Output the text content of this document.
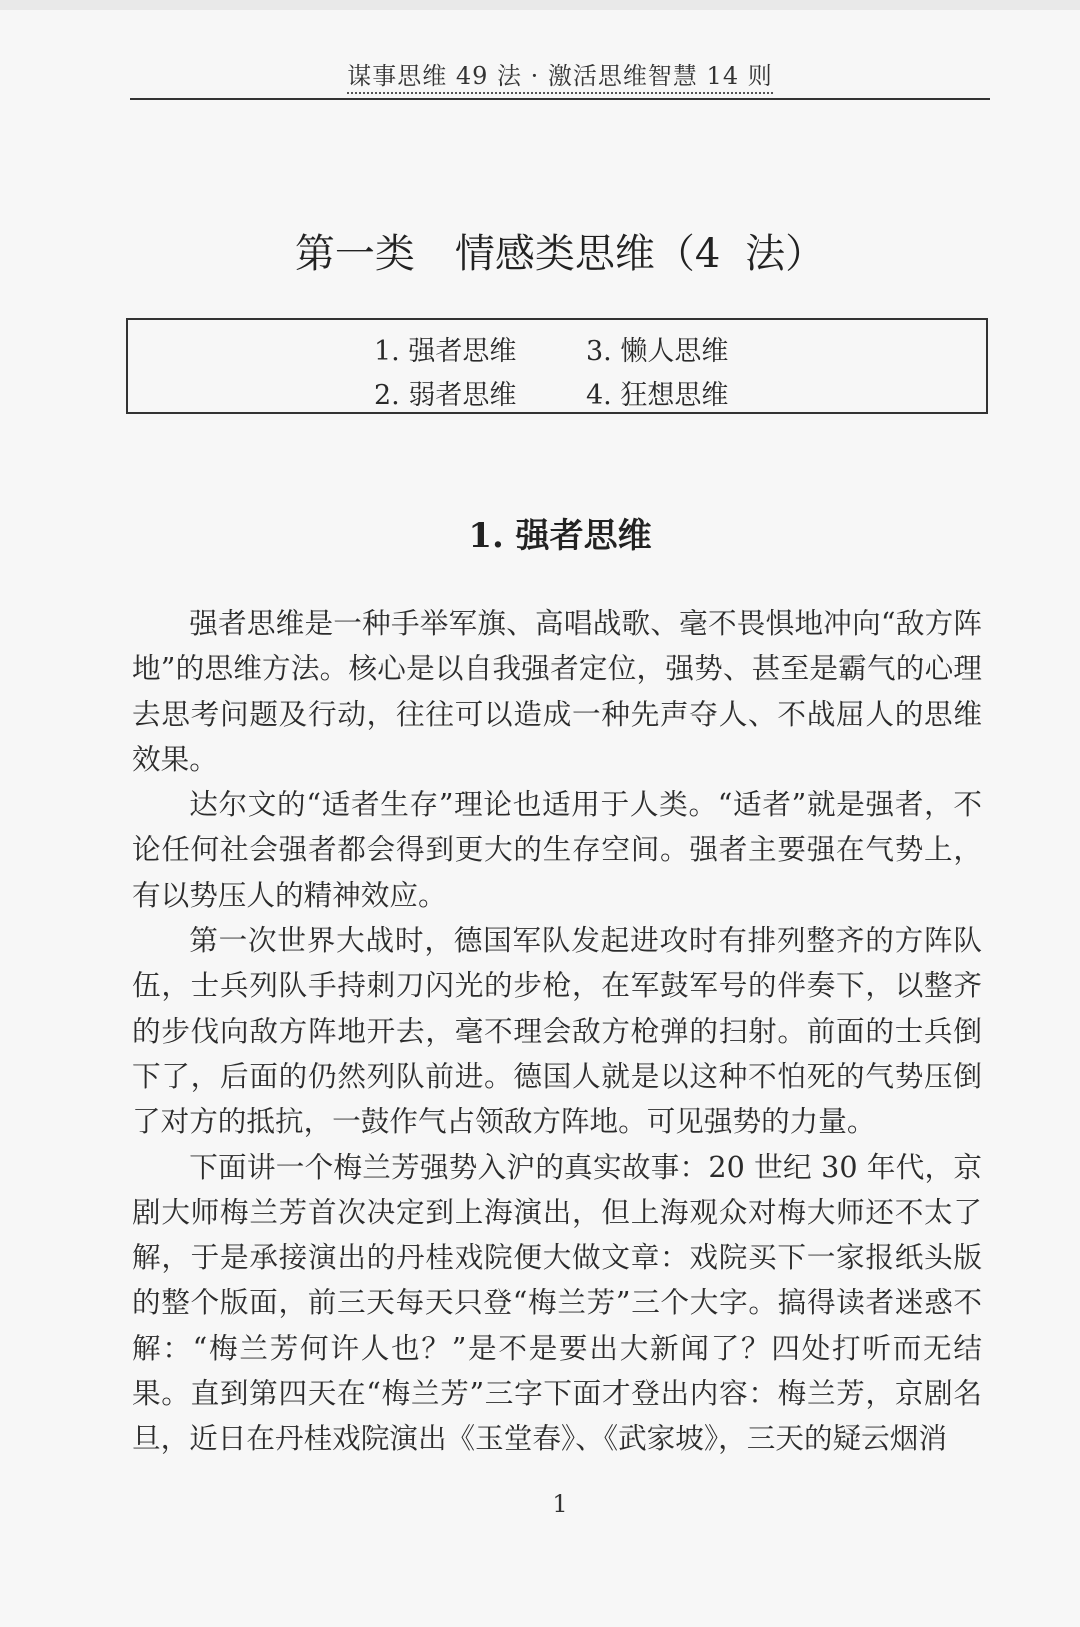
谋事思维 49 法 · 激活思维智慧 14 则
第一类　情感类思维（4 法）
1. 强者思维	3. 懒人思维
2. 弱者思维	4. 狂想思维
1. 强者思维

强者思维是一种手举军旗、高唱战歌、毫不畏惧地冲向“敌方阵地”的思维方法。核心是以自我强者定位，强势、甚至是霸气的心理去思考问题及行动，往往可以造成一种先声夺人、不战屈人的思维效果。

达尔文的“适者生存”理论也适用于人类。“适者”就是强者，不论任何社会强者都会得到更大的生存空间。强者主要强在气势上，有以势压人的精神效应。

第一次世界大战时，德国军队发起进攻时有排列整齐的方阵队伍，士兵列队手持刺刀闪光的步枪，在军鼓军号的伴奏下，以整齐的步伐向敌方阵地开去，毫不理会敌方枪弹的扫射。前面的士兵倒下了，后面的仍然列队前进。德国人就是以这种不怕死的气势压倒了对方的抵抗，一鼓作气占领敌方阵地。可见强势的力量。

下面讲一个梅兰芳强势入沪的真实故事：20 世纪 30 年代，京剧大师梅兰芳首次决定到上海演出，但上海观众对梅大师还不太了解，于是承接演出的丹桂戏院便大做文章：戏院买下一家报纸头版的整个版面，前三天每天只登“梅兰芳”三个大字。搞得读者迷惑不解：“梅兰芳何许人也？”是不是要出大新闻了？四处打听而无结果。直到第四天在“梅兰芳”三字下面才登出内容：梅兰芳，京剧名旦，近日在丹桂戏院演出《玉堂春》、《武家坡》，三天的疑云烟消

1
